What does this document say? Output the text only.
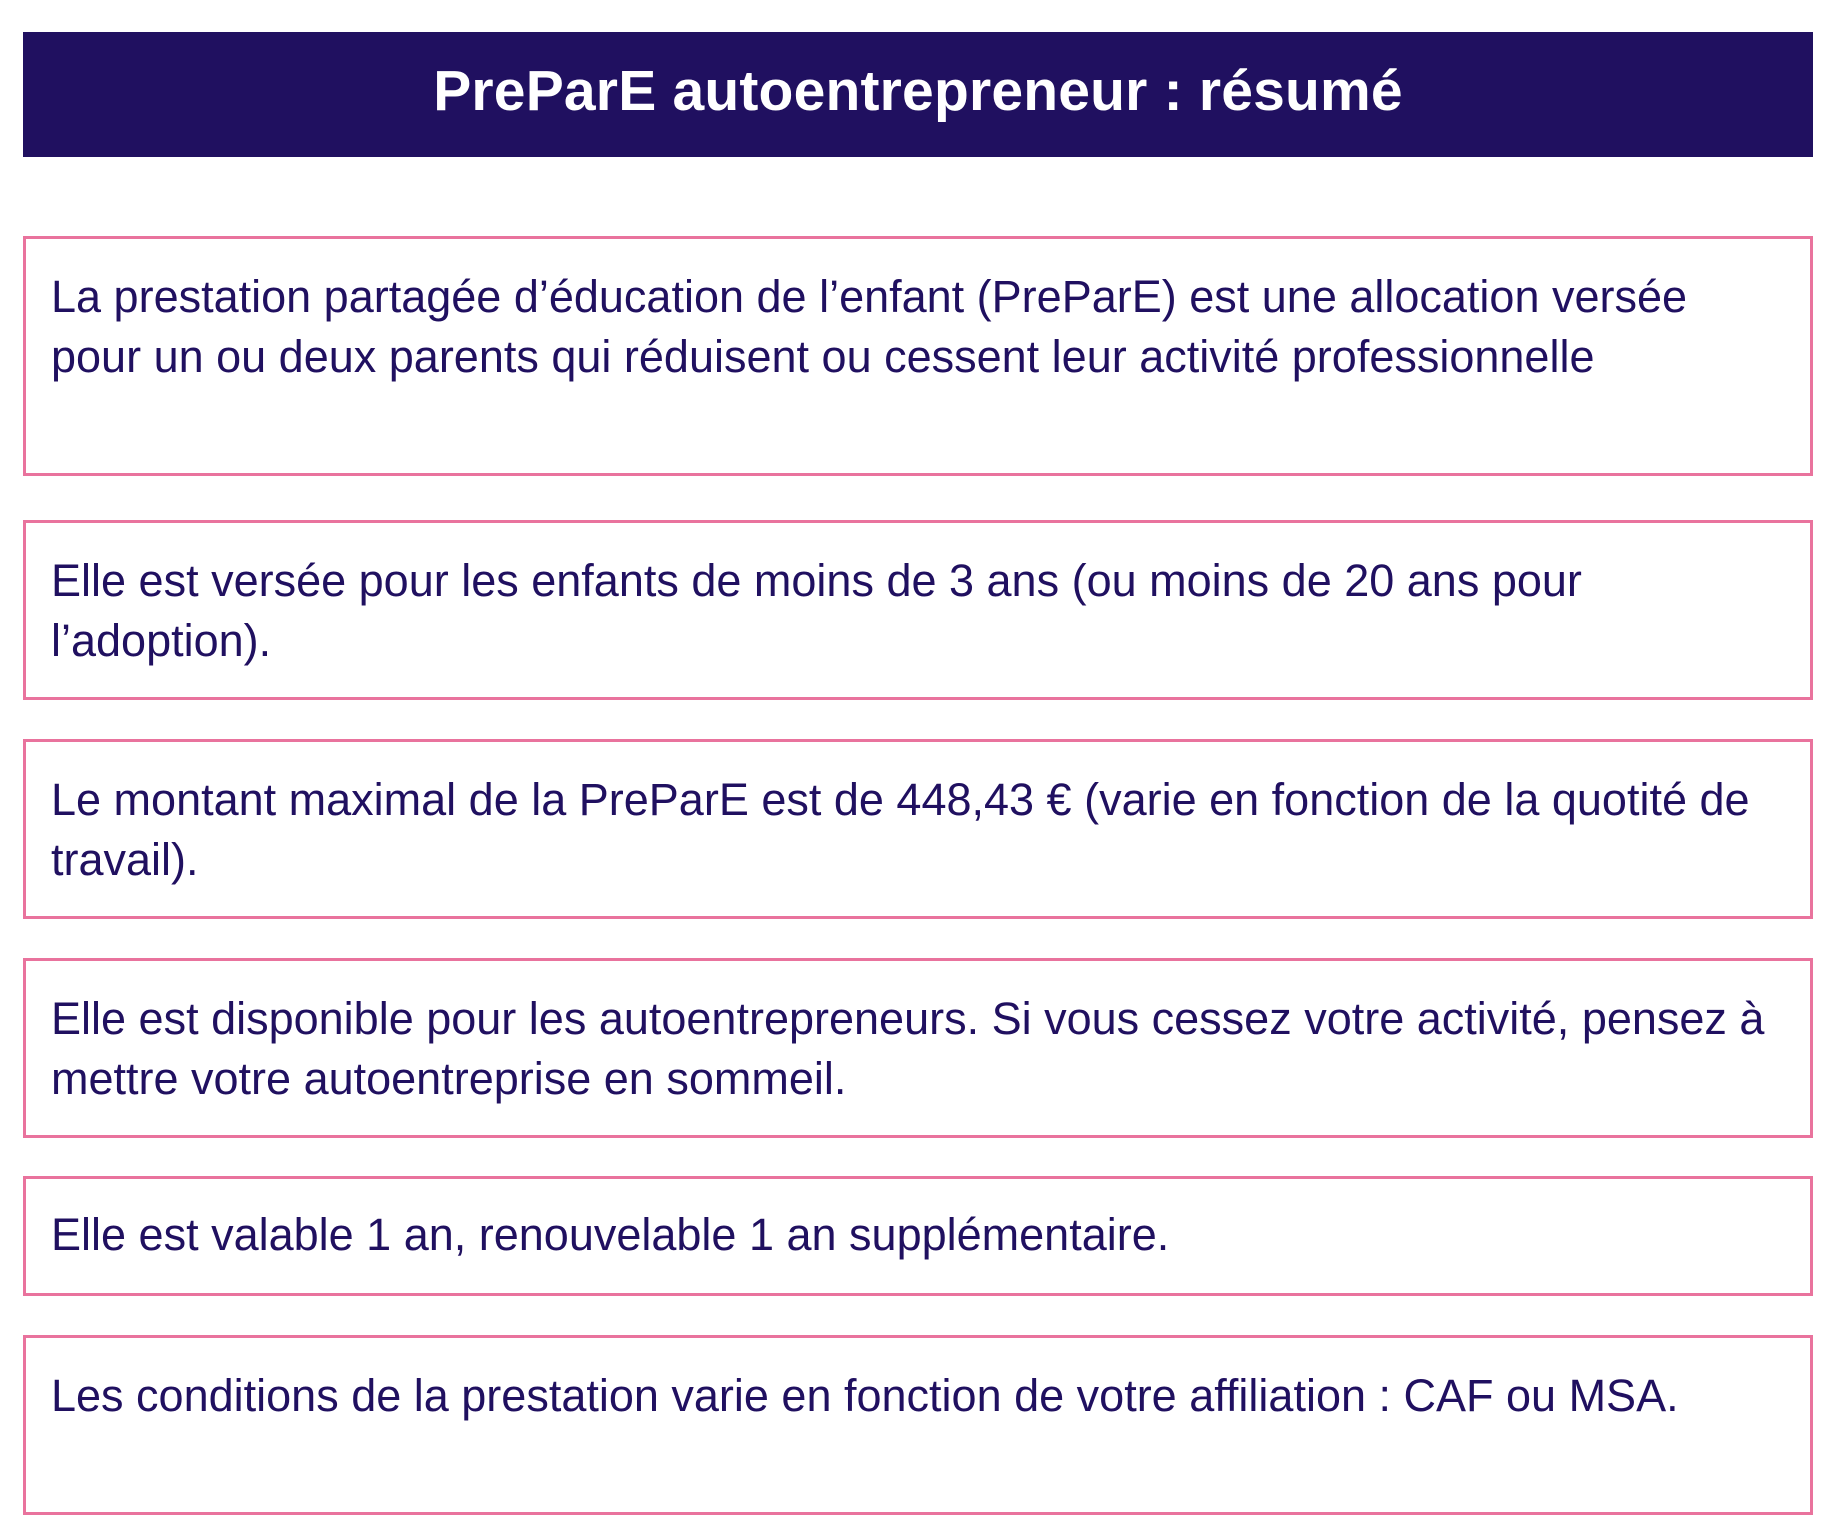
PreParE autoentrepreneur : résumé

La prestation partagée d’éducation de l’enfant (PreParE) est une allocation versée pour un ou deux parents qui réduisent ou cessent leur activité professionnelle

Elle est versée pour les enfants de moins de 3 ans (ou moins de 20 ans pour l’adoption).

Le montant maximal de la PreParE est de 448,43 € (varie en fonction de la quotité de travail).

Elle est disponible pour les autoentrepreneurs. Si vous cessez votre activité, pensez à mettre votre autoentreprise en sommeil.

Elle est valable 1 an, renouvelable 1 an supplémentaire.

Les conditions de la prestation varie en fonction de votre affiliation : CAF ou MSA.
